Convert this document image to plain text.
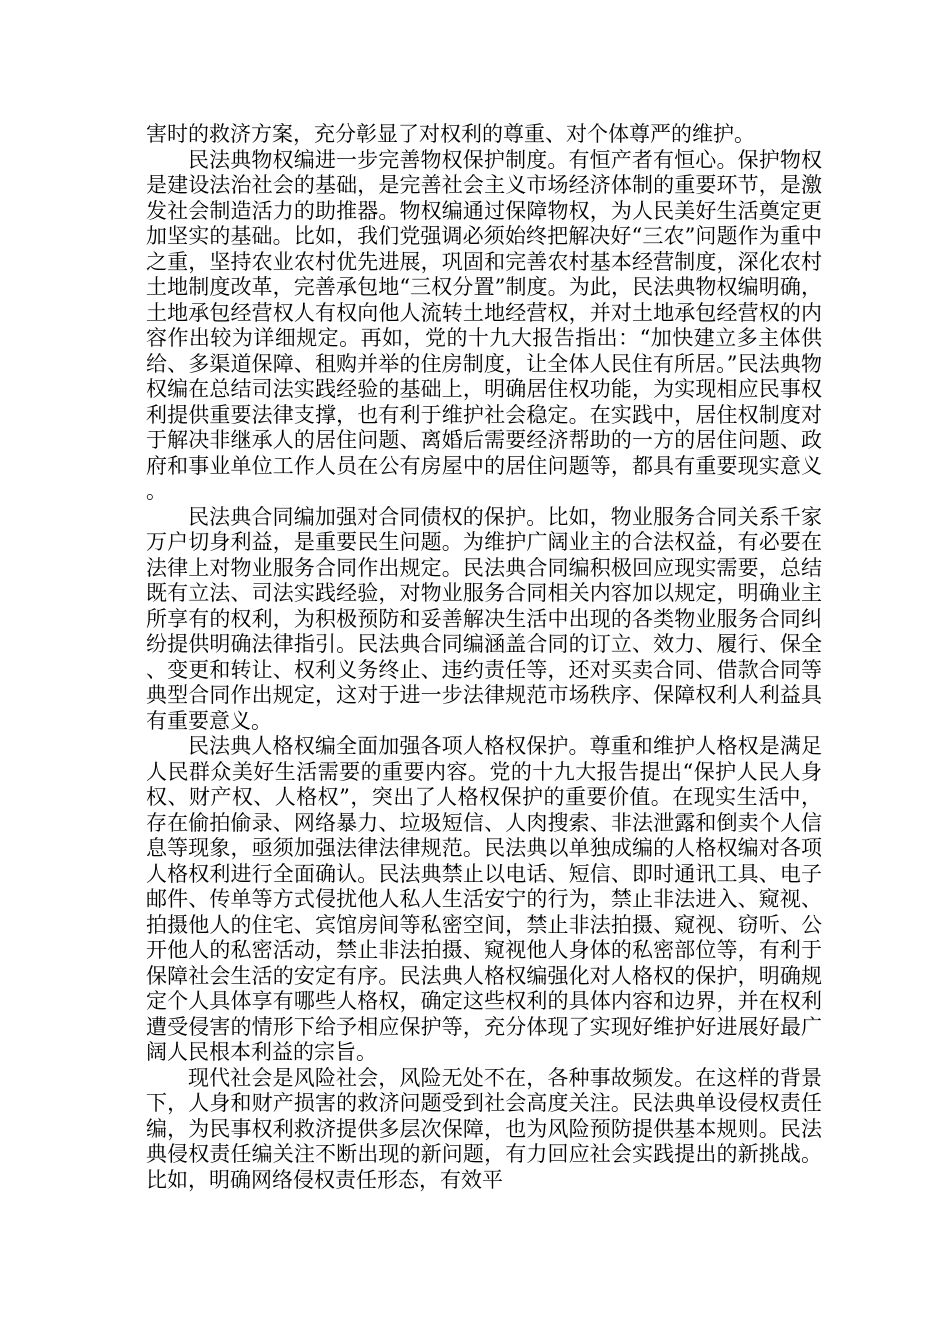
害时的救济方案，充分彰显了对权利的尊重、对个体尊严的维护。

民法典物权编进一步完善物权保护制度。有恒产者有恒心。保护物权是建设法治社会的基础，是完善社会主义市场经济体制的重要环节，是激发社会制造活力的助推器。物权编通过保障物权，为人民美好生活奠定更加坚实的基础。比如，我们党强调必须始终把解决好“三农”问题作为重中之重，坚持农业农村优先进展，巩固和完善农村基本经营制度，深化农村土地制度改革，完善承包地“三权分置”制度。为此，民法典物权编明确，土地承包经营权人有权向他人流转土地经营权，并对土地承包经营权的内容作出较为详细规定。再如，党的十九大报告指出：“加快建立多主体供给、多渠道保障、租购并举的住房制度，让全体人民住有所居。”民法典物权编在总结司法实践经验的基础上，明确居住权功能，为实现相应民事权利提供重要法律支撑，也有利于维护社会稳定。在实践中，居住权制度对于解决非继承人的居住问题、离婚后需要经济帮助的一方的居住问题、政府和事业单位工作人员在公有房屋中的居住问题等，都具有重要现实意义。

民法典合同编加强对合同债权的保护。比如，物业服务合同关系千家万户切身利益，是重要民生问题。为维护广阔业主的合法权益，有必要在法律上对物业服务合同作出规定。民法典合同编积极回应现实需要，总结既有立法、司法实践经验，对物业服务合同相关内容加以规定，明确业主所享有的权利，为积极预防和妥善解决生活中出现的各类物业服务合同纠纷提供明确法律指引。民法典合同编涵盖合同的订立、效力、履行、保全、变更和转让、权利义务终止、违约责任等，还对买卖合同、借款合同等典型合同作出规定，这对于进一步法律规范市场秩序、保障权利人利益具有重要意义。

民法典人格权编全面加强各项人格权保护。尊重和维护人格权是满足人民群众美好生活需要的重要内容。党的十九大报告提出“保护人民人身权、财产权、人格权”，突出了人格权保护的重要价值。在现实生活中，存在偷拍偷录、网络暴力、垃圾短信、人肉搜索、非法泄露和倒卖个人信息等现象，亟须加强法律法律规范。民法典以单独成编的人格权编对各项人格权利进行全面确认。民法典禁止以电话、短信、即时通讯工具、电子邮件、传单等方式侵扰他人私人生活安宁的行为，禁止非法进入、窥视、拍摄他人的住宅、宾馆房间等私密空间，禁止非法拍摄、窥视、窃听、公开他人的私密活动，禁止非法拍摄、窥视他人身体的私密部位等，有利于保障社会生活的安定有序。民法典人格权编强化对人格权的保护，明确规定个人具体享有哪些人格权，确定这些权利的具体内容和边界，并在权利遭受侵害的情形下给予相应保护等，充分体现了实现好维护好进展好最广阔人民根本利益的宗旨。

现代社会是风险社会，风险无处不在，各种事故频发。在这样的背景下，人身和财产损害的救济问题受到社会高度关注。民法典单设侵权责任编，为民事权利救济提供多层次保障，也为风险预防提供基本规则。民法典侵权责任编关注不断出现的新问题，有力回应社会实践提出的新挑战。比如，明确网络侵权责任形态，有效平
